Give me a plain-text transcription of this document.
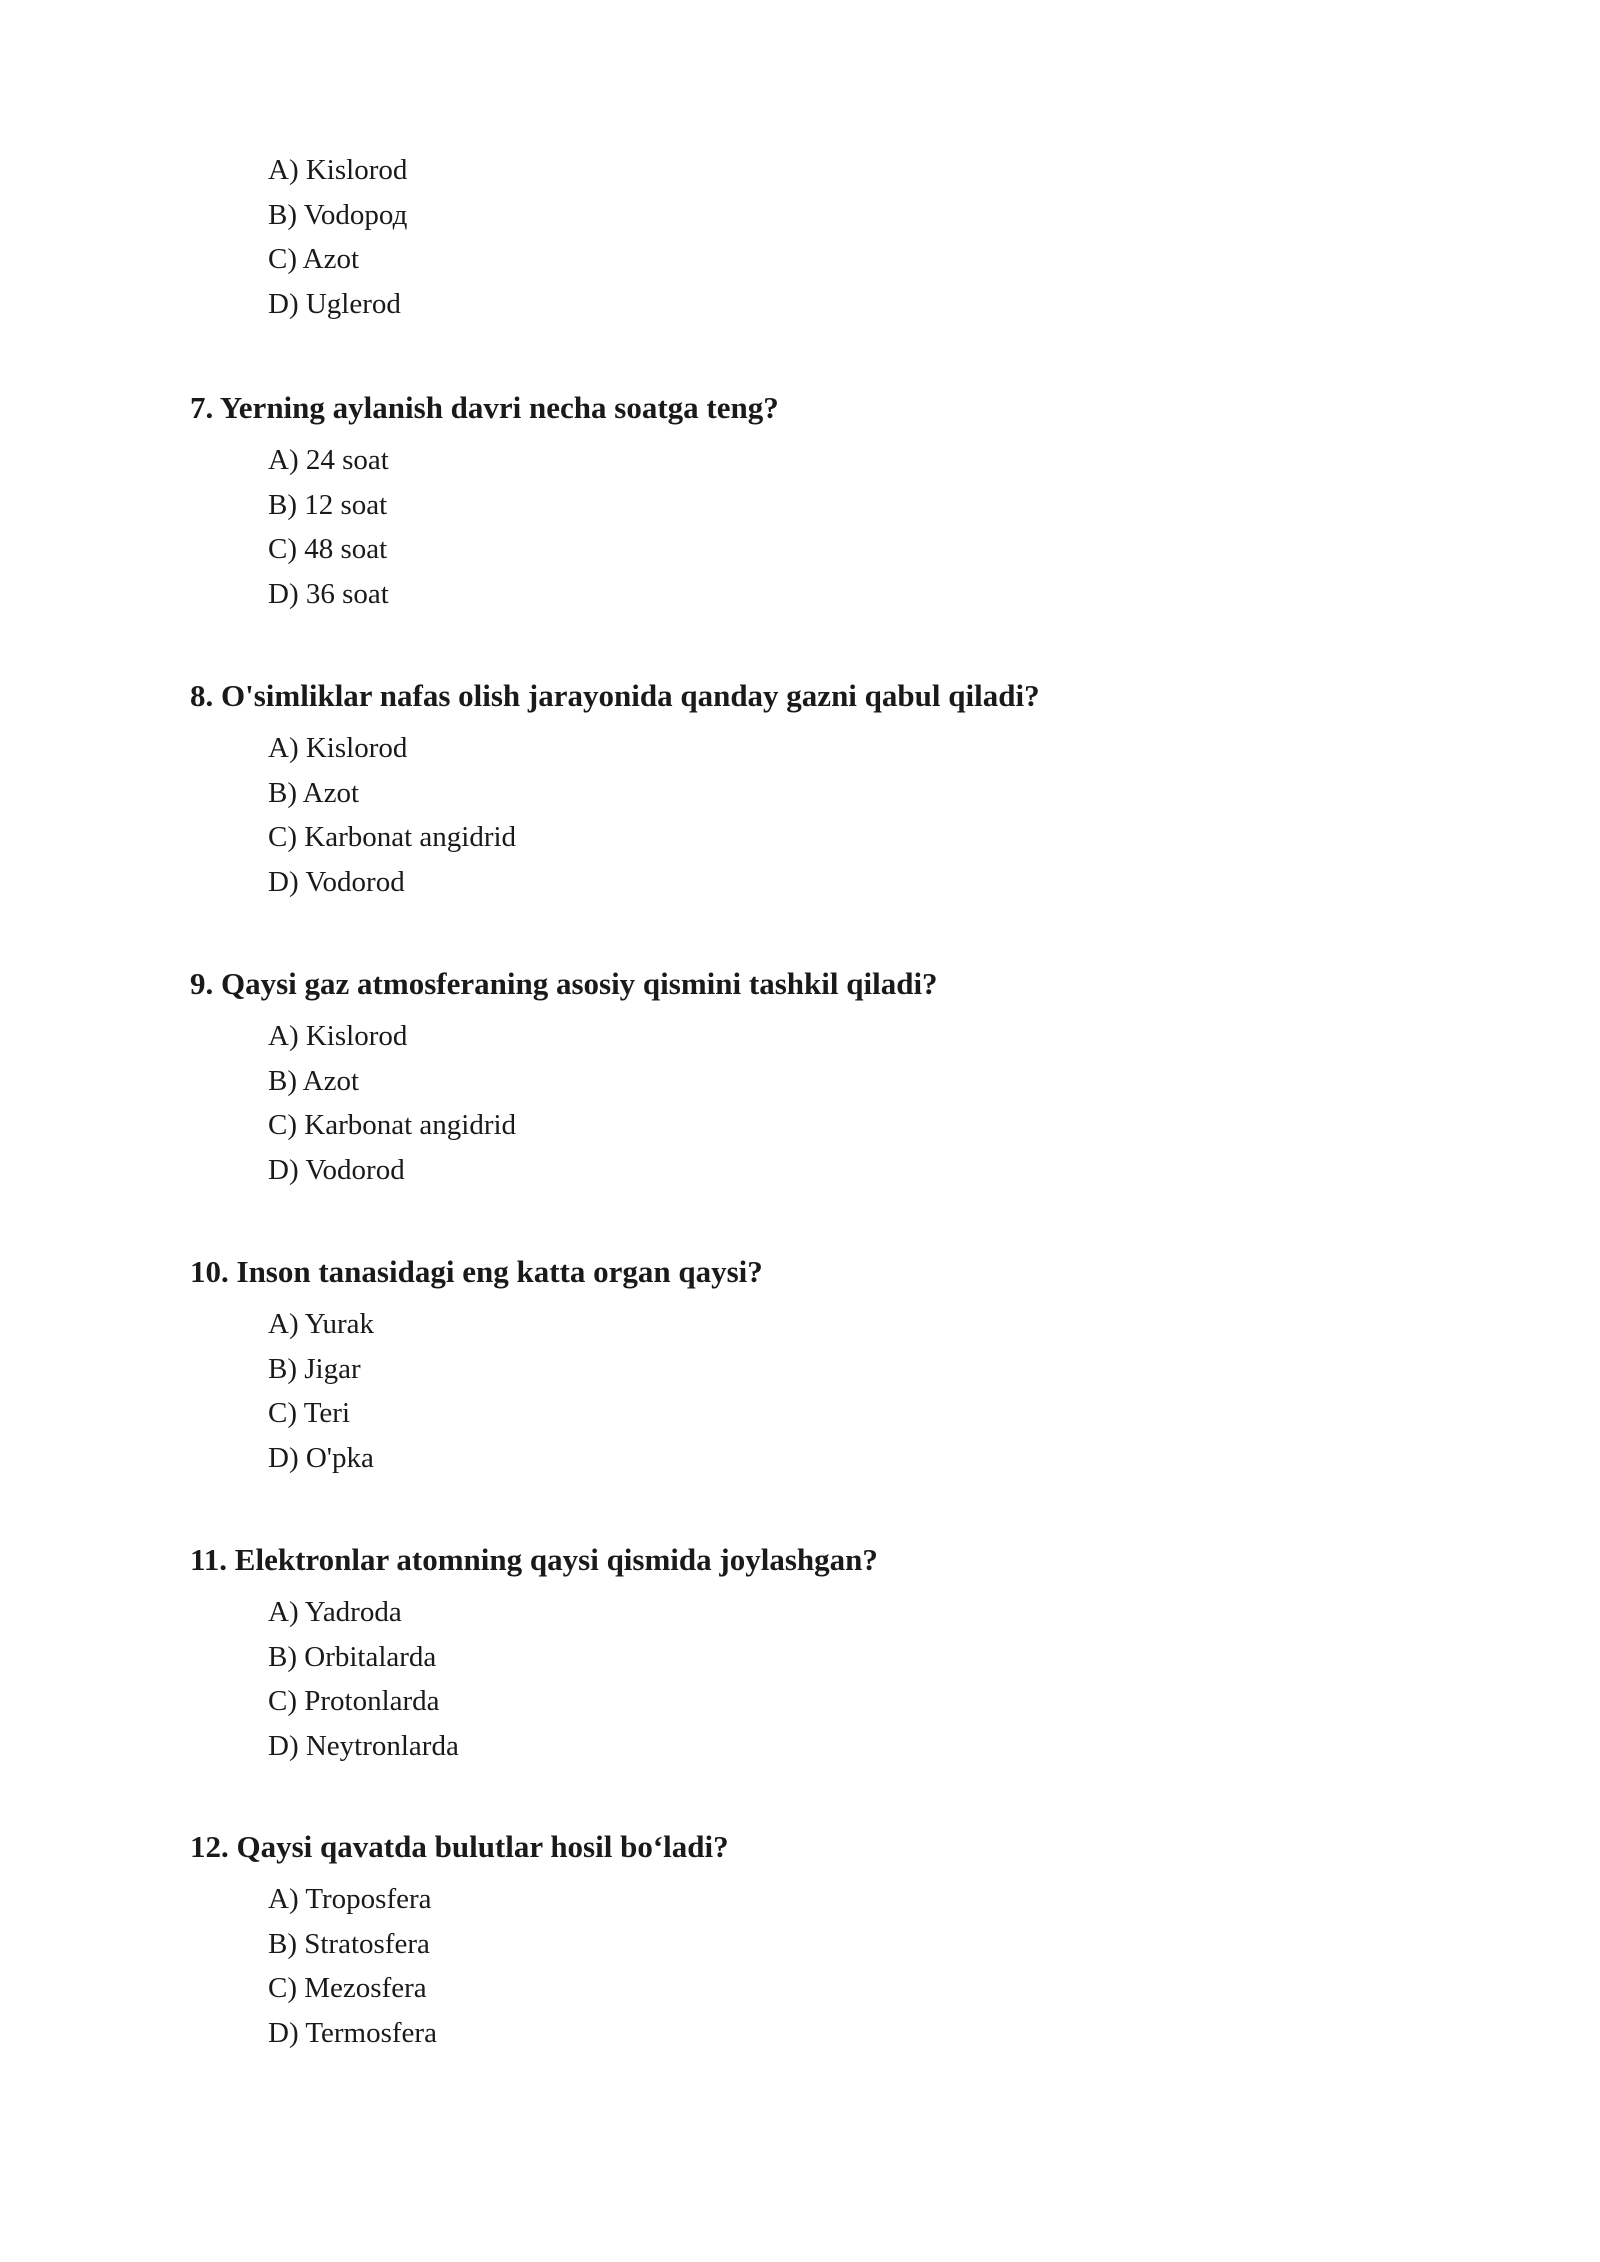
A) Kislorod
B) Vodoрод
C) Azot
D) Uglerod

7. Yerning aylanish davri necha soatga teng?

A) 24 soat
B) 12 soat
C) 48 soat
D) 36 soat

8. O'simliklar nafas olish jarayonida qanday gazni qabul qiladi?

A) Kislorod
B) Azot
C) Karbonat angidrid
D) Vodorod

9. Qaysi gaz atmosferaning asosiy qismini tashkil qiladi?

A) Kislorod
B) Azot
C) Karbonat angidrid
D) Vodorod

10. Inson tanasidagi eng katta organ qaysi?

A) Yurak
B) Jigar
C) Teri
D) O'pka

11. Elektronlar atomning qaysi qismida joylashgan?

A) Yadroda
B) Orbitalarda
C) Protonlarda
D) Neytronlarda

12. Qaysi qavatda bulutlar hosil bo‘ladi?

A) Troposfera
B) Stratosfera
C) Mezosfera
D) Termosfera
